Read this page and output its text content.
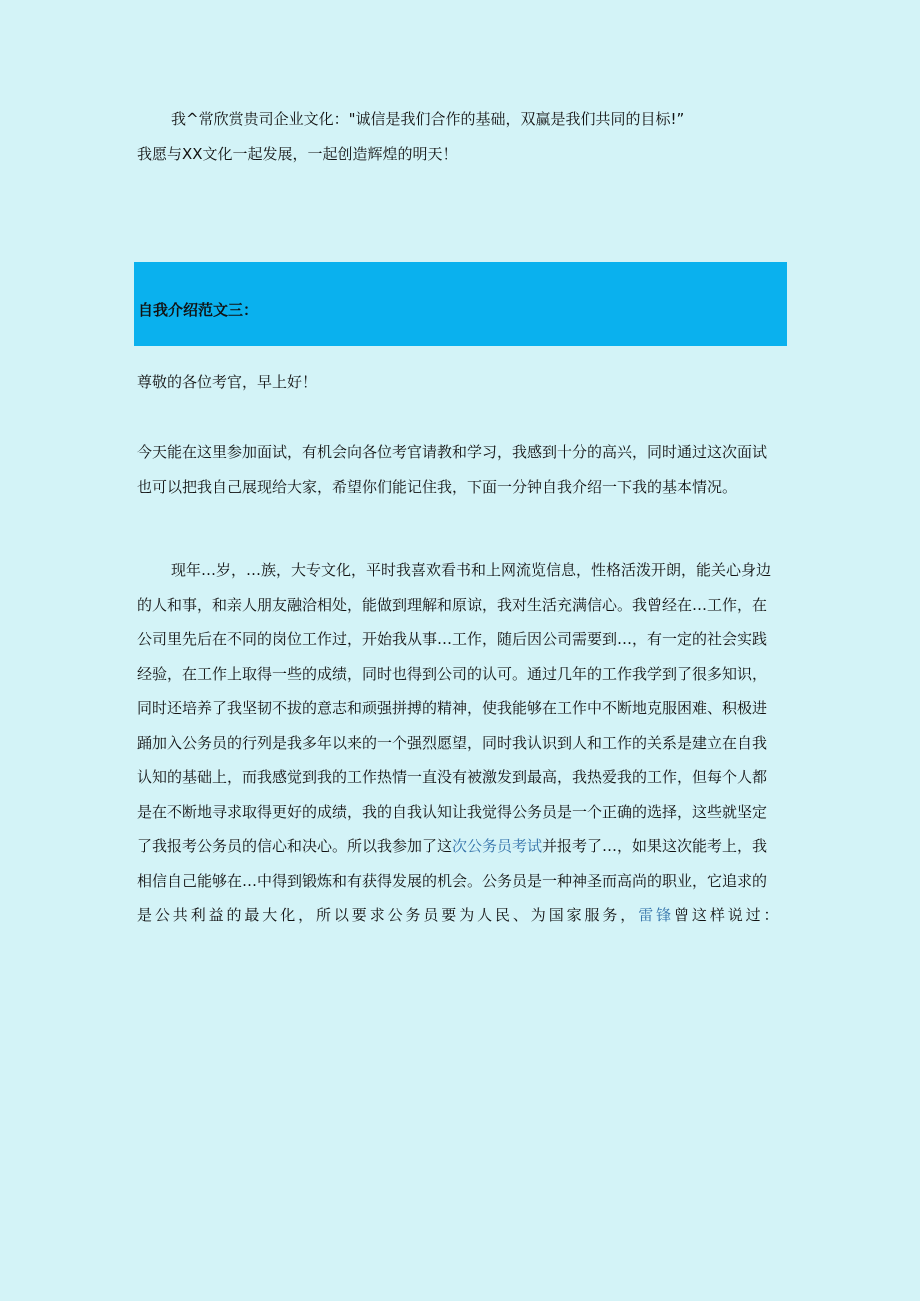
我^常欣赏贵司企业文化："诚信是我们合作的基础，双赢是我们共同的目标!”
我愿与XX文化一起发展，一起创造辉煌的明天！

自我介绍范文三：

尊敬的各位考官，早上好！

今天能在这里参加面试，有机会向各位考官请教和学习，我感到十分的高兴，同时通过这次面试
也可以把我自己展现给大家，希望你们能记住我，下面一分钟自我介绍一下我的基本情况。

现年…岁，…族，大专文化，平时我喜欢看书和上网流览信息，性格活泼开朗，能关心身边
的人和事，和亲人朋友融洽相处，能做到理解和原谅，我对生活充满信心。我曾经在…工作，在
公司里先后在不同的岗位工作过，开始我从事…工作，随后因公司需要到…，有一定的社会实践
经验，在工作上取得一些的成绩，同时也得到公司的认可。通过几年的工作我学到了很多知识，
同时还培养了我坚韧不拔的意志和顽强拼搏的精神，使我能够在工作中不断地克服困难、积极进
踊加入公务员的行列是我多年以来的一个强烈愿望，同时我认识到人和工作的关系是建立在自我
认知的基础上，而我感觉到我的工作热情一直没有被激发到最高，我热爱我的工作，但每个人都
是在不断地寻求取得更好的成绩，我的自我认知让我觉得公务员是一个正确的选择，这些就坚定
了我报考公务员的信心和决心。所以我参加了这次公务员考试并报考了…，如果这次能考上，我
相信自己能够在…中得到锻炼和有获得发展的机会。公务员是一种神圣而高尚的职业，它追求的
是公共利益的最大化，所以要求公务员要为人民、为国家服务，雷锋曾这样说过：
